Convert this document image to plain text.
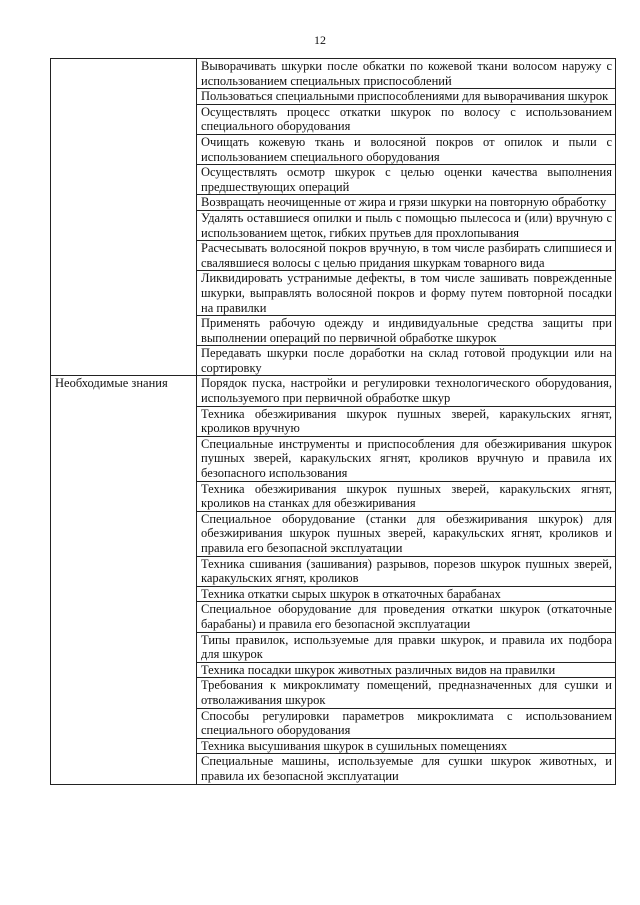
12
	Выворачивать шкурки после обкатки по кожевой ткани волосом наружу с использованием специальных приспособлений
	Пользоваться специальными приспособлениями для выворачивания шкурок
	Осуществлять процесс откатки шкурок по волосу с использованием специального оборудования
	Очищать кожевую ткань и волосяной покров от опилок и пыли с использованием специального оборудования
	Осуществлять осмотр шкурок с целью оценки качества выполнения предшествующих операций
	Возвращать неочищенные от жира и грязи шкурки на повторную обработку
	Удалять оставшиеся опилки и пыль с помощью пылесоса и (или) вручную с использованием щеток, гибких прутьев для прохлопывания
	Расчесывать волосяной покров вручную, в том числе разбирать слипшиеся и свалявшиеся волосы с целью придания шкуркам товарного вида
	Ликвидировать устранимые дефекты, в том числе зашивать поврежденные шкурки, выправлять волосяной покров и форму путем повторной посадки на правилки
	Применять рабочую одежду и индивидуальные средства защиты при выполнении операций по первичной обработке шкурок
	Передавать шкурки после доработки на склад готовой продукции или на сортировку
Необходимые знания	Порядок пуска, настройки и регулировки технологического оборудования, используемого при первичной обработке шкур
	Техника обезжиривания шкурок пушных зверей, каракульских ягнят, кроликов вручную
	Специальные инструменты и приспособления для обезжиривания шкурок пушных зверей, каракульских ягнят, кроликов вручную и правила их безопасного использования
	Техника обезжиривания шкурок пушных зверей, каракульских ягнят, кроликов на станках для обезжиривания
	Специальное оборудование (станки для обезжиривания шкурок) для обезжиривания шкурок пушных зверей, каракульских ягнят, кроликов и правила его безопасной эксплуатации
	Техника сшивания (зашивания) разрывов, порезов шкурок пушных зверей, каракульских ягнят, кроликов
	Техника откатки сырых шкурок в откаточных барабанах
	Специальное оборудование для проведения откатки шкурок (откаточные барабаны) и правила его безопасной эксплуатации
	Типы правилок, используемые для правки шкурок, и правила их подбора для шкурок
	Техника посадки шкурок животных различных видов на правилки
	Требования к микроклимату помещений, предназначенных для сушки и отволаживания шкурок
	Способы регулировки параметров микроклимата с использованием специального оборудования
	Техника высушивания шкурок в сушильных помещениях
	Специальные машины, используемые для сушки шкурок животных, и правила их безопасной эксплуатации
